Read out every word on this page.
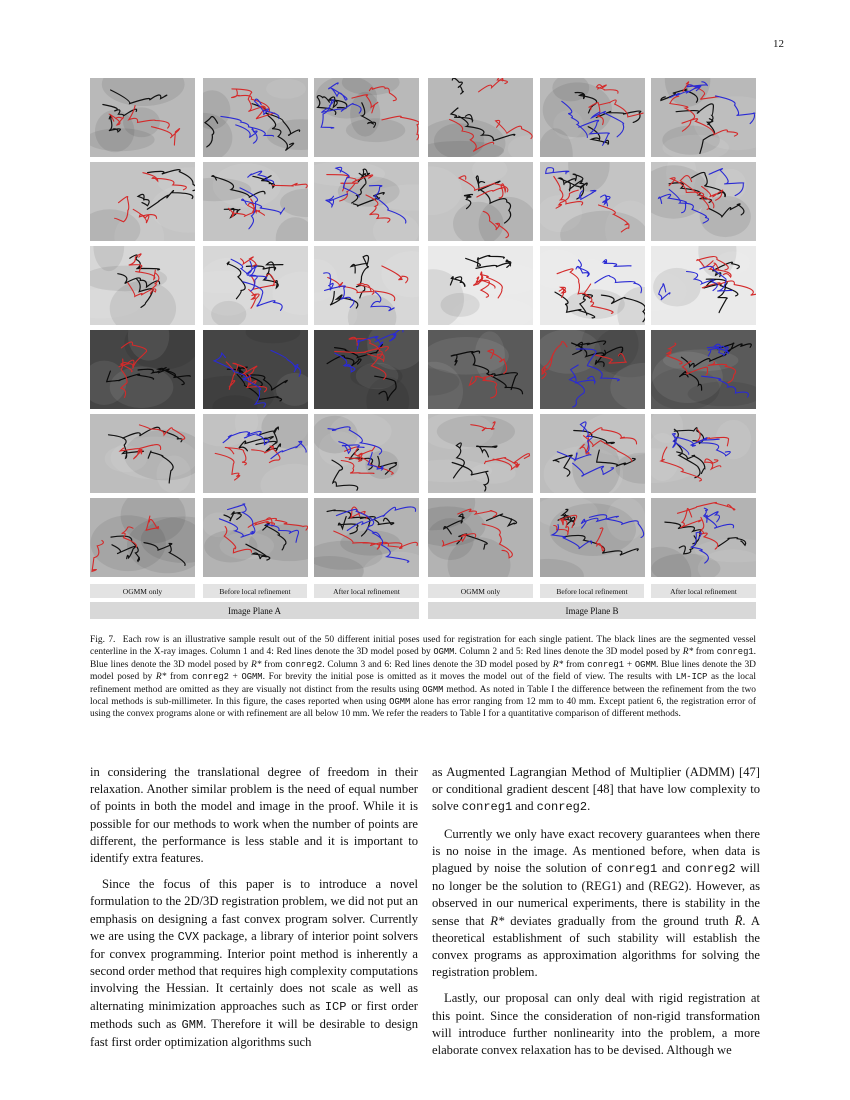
12
OGMM only	Before local refinement	After local refinement	OGMM only	Before local refinement	After local refinement
Image Plane A	Image Plane B
Fig. 7. Each row is an illustrative sample result out of the 50 different initial poses used for registration for each single patient. The black lines are the segmented vessel centerline in the X-ray images. Column 1 and 4: Red lines denote the 3D model posed by OGMM. Column 2 and 5: Red lines denote the 3D model posed by R* from conreg1. Blue lines denote the 3D model posed by R* from conreg2. Column 3 and 6: Red lines denote the 3D model posed by R* from conreg1 + OGMM. Blue lines denote the 3D model posed by R* from conreg2 + OGMM. For brevity the initial pose is omitted as it moves the model out of the field of view. The results with LM-ICP as the local refinement method are omitted as they are visually not distinct from the results using OGMM method. As noted in Table I the difference between the refinement from the two local methods is sub-millimeter. In this figure, the cases reported when using OGMM alone has error ranging from 12 mm to 40 mm. Except patient 6, the registration error of using the convex programs alone or with refinement are all below 10 mm. We refer the readers to Table I for a quantitative comparison of different methods.

in considering the translational degree of freedom in their relaxation. Another similar problem is the need of equal number of points in both the model and image in the proof. While it is possible for our methods to work when the number of points are different, the performance is less stable and it is important to identify extra features.

Since the focus of this paper is to introduce a novel formulation to the 2D/3D registration problem, we did not put an emphasis on designing a fast convex program solver. Currently we are using the CVX package, a library of interior point solvers for convex programming. Interior point method is inherently a second order method that requires high complexity computations involving the Hessian. It certainly does not scale as well as alternating minimization approaches such as ICP or first order methods such as GMM. Therefore it will be desirable to design fast first order optimization algorithms such

as Augmented Lagrangian Method of Multiplier (ADMM) [47] or conditional gradient descent [48] that have low complexity to solve conreg1 and conreg2.

Currently we only have exact recovery guarantees when there is no noise in the image. As mentioned before, when data is plagued by noise the solution of conreg1 and conreg2 will no longer be the solution to (REG1) and (REG2). However, as observed in our numerical experiments, there is stability in the sense that R* deviates gradually from the ground truth R̄. A theoretical establishment of such stability will establish the convex programs as approximation algorithms for solving the registration problem.

Lastly, our proposal can only deal with rigid registration at this point. Since the consideration of non-rigid transformation will introduce further nonlinearity into the problem, a more elaborate convex relaxation has to be devised. Although we
